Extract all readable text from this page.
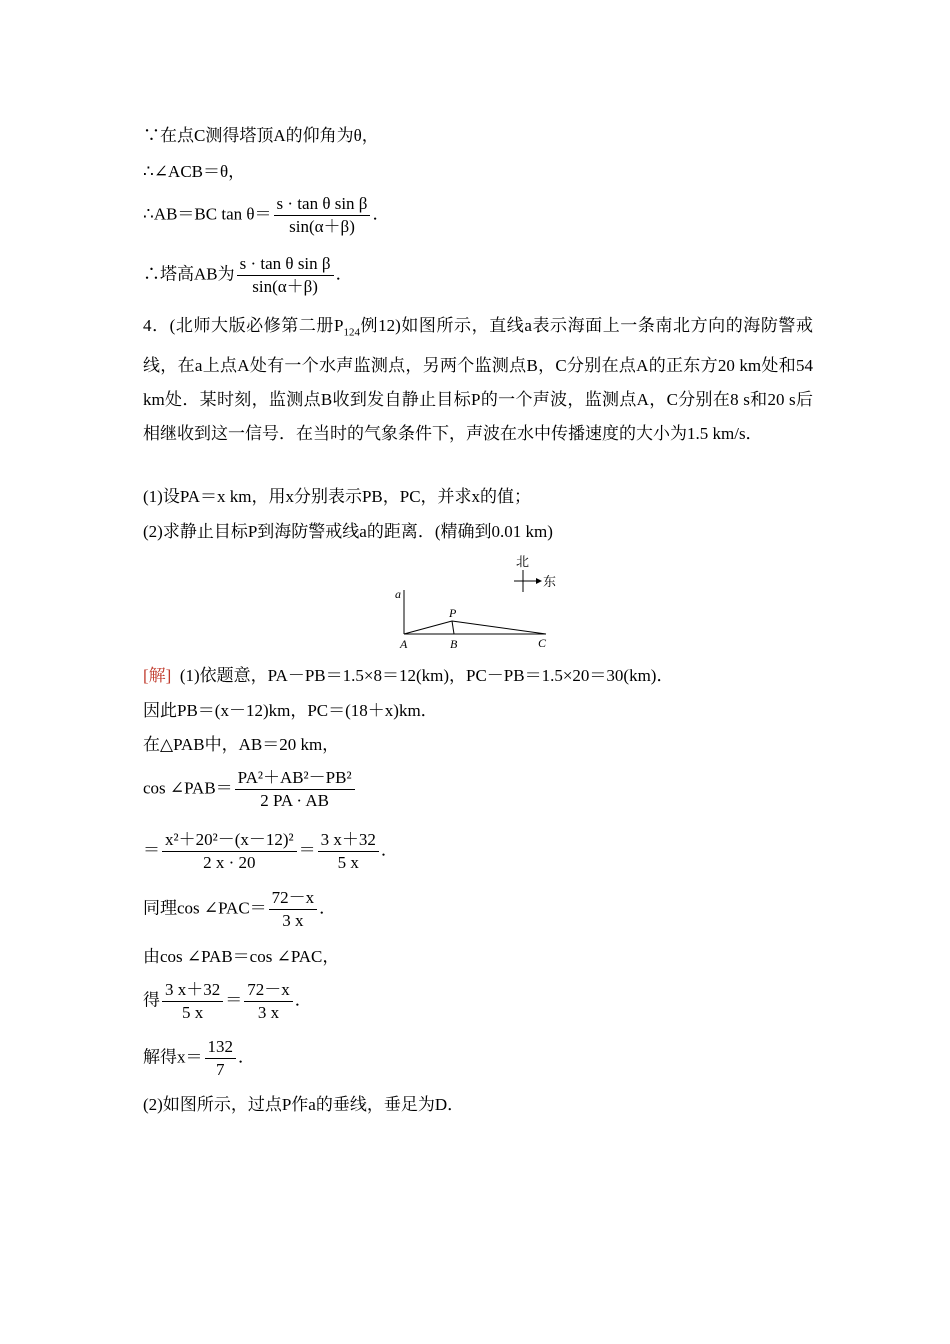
∵在点C测得塔顶A的仰角为θ，
∴∠ACB＝θ，
∴AB＝BC $\tan \theta= \frac{\text{s · tan θ sin β}}{\sin(\alpha+\beta)}$ ．
∴塔高AB为 $\frac{\text{s · tan θ sin β}}{\sin(\alpha+\beta)}$ ．
4．(北师大版必修第二册$P_{124}$例12)如图所示，直线a表示海面上一条南北方向的海防警戒线，在a上点A处有一个水声监测点，另两个监测点B，C分别在点A的正东方20 km处和54 km处．某时刻，监测点B收到发自静止目标P的一个声波，监测点A，C分别在8 s和20 s后相继收到这一信号．在当时的气象条件下，声波在水中传播速度的大小为1.5 km/s．
(1)设PA＝x km，用x分别表示PB，PC，并求x的值；
(2)求静止目标P到海防警戒线a的距离．(精确到0.01 km)
北
东
a
P
A	B	C
[解] (1)依题意，PA－PB＝1.5×8＝12(km)，PC－PB＝1.5×20＝30(km)．
因此PB＝(x－12)km，PC＝(18＋x)km．
在△PAB中，AB＝20 km，
cos ∠PAB＝ $\frac{\text{PA²＋AB²－PB²}}{2 PA \cdot AB}$
＝ $\frac{\text{x²＋20²－(x－12)²}}{2 x \cdot 20} = \frac{3 x+32}{5 x}$ ．
同理cos ∠PAC＝ $\frac{72-x}{3 x}$ ．
由cos ∠PAB＝cos ∠PAC，
得 $\frac{3 x+32}{5 x} = \frac{72-x}{3 x}$ ．
解得$x= \frac{132}{7}$ ．
(2)如图所示，过点P作a的垂线，垂足为D．
